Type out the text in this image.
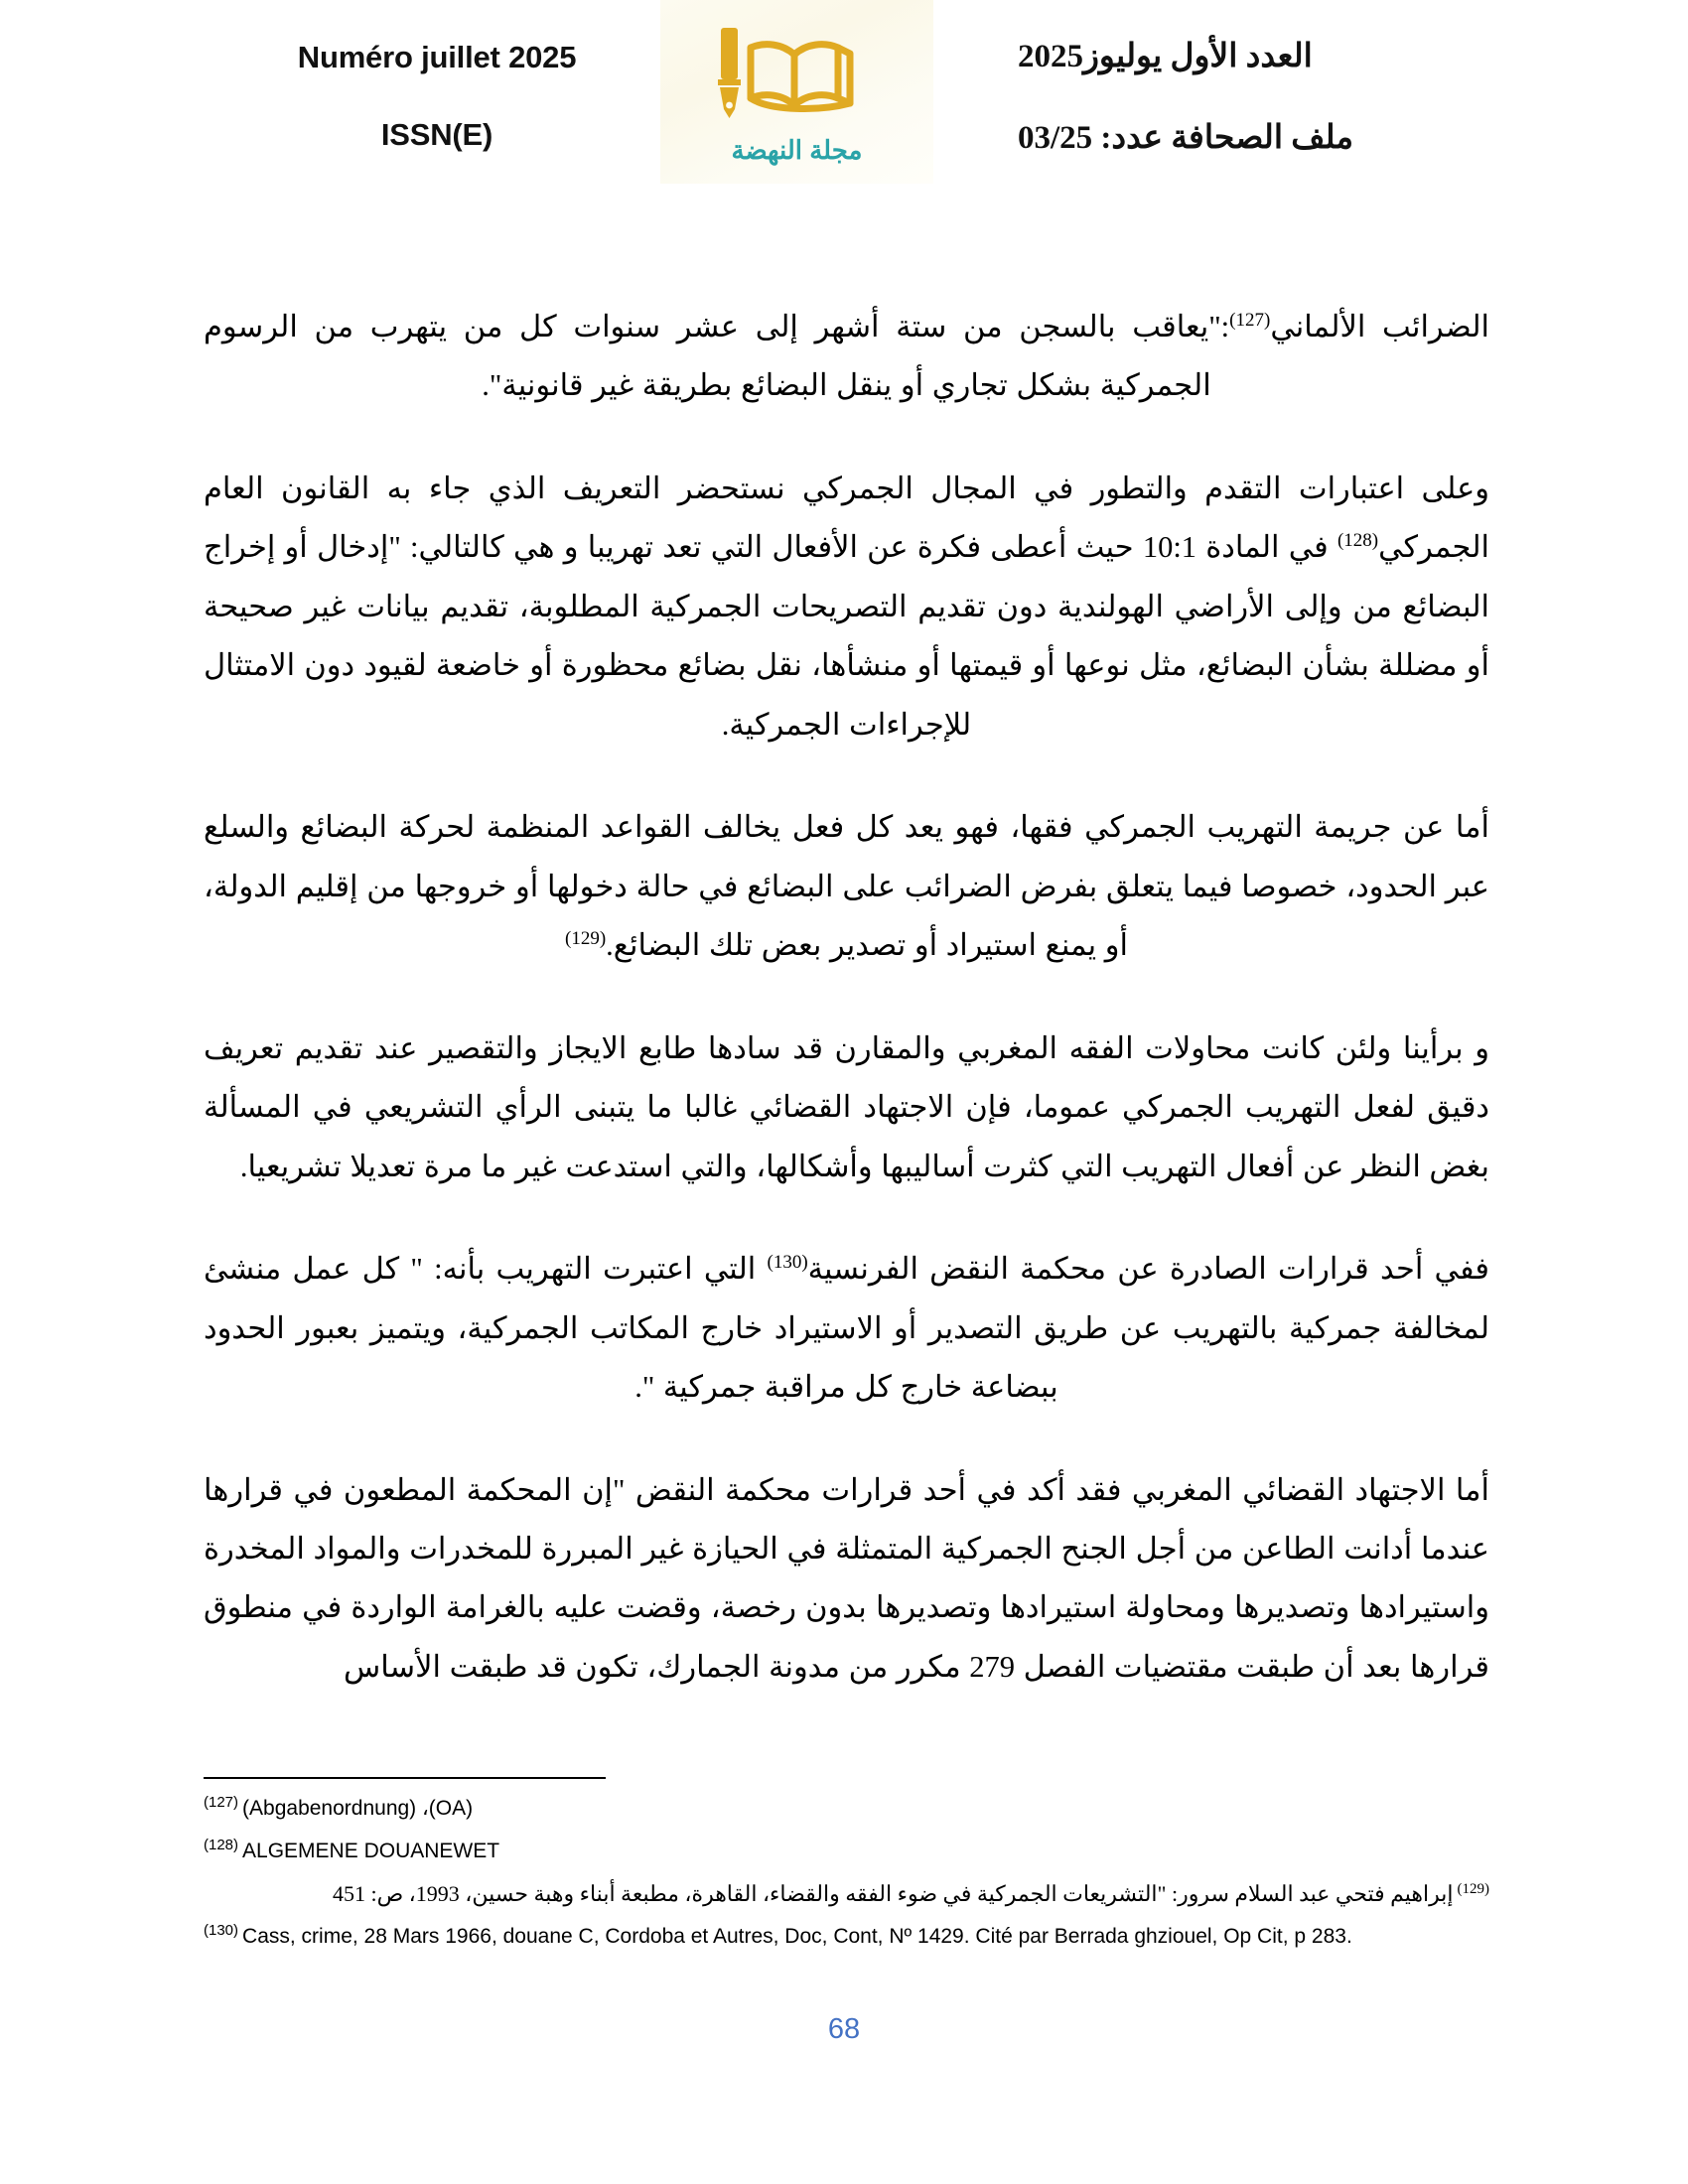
Numéro juillet 2025
ISSN(E)	مجلة النهضة
العدد الأول يوليوز2025
ملف الصحافة عدد: 03/25

الضرائب الألماني$^{(127)}$:"يعاقب بالسجن من ستة أشهر إلى عشر سنوات كل من يتهرب من الرسوم الجمركية بشكل تجاري أو ينقل البضائع بطريقة غير قانونية".

وعلى اعتبارات التقدم والتطور في المجال الجمركي نستحضر التعريف الذي جاء به القانون العام الجمركي$^{(128)}$ في المادة 10:1 حيث أعطى فكرة عن الأفعال التي تعد تهريبا و هي كالتالي: "إدخال أو إخراج البضائع من وإلى الأراضي الهولندية دون تقديم التصريحات الجمركية المطلوبة، تقديم بيانات غير صحيحة أو مضللة بشأن البضائع، مثل نوعها أو قيمتها أو منشأها، نقل بضائع محظورة أو خاضعة لقيود دون الامتثال للإجراءات الجمركية.

أما عن جريمة التهريب الجمركي فقها، فهو يعد كل فعل يخالف القواعد المنظمة لحركة البضائع والسلع عبر الحدود، خصوصا فيما يتعلق بفرض الضرائب على البضائع في حالة دخولها أو خروجها من إقليم الدولة، أو يمنع استيراد أو تصدير بعض تلك البضائع.$^{(129)}$

و برأينا ولئن كانت محاولات الفقه المغربي والمقارن قد سادها طابع الايجاز والتقصير عند تقديم تعريف دقيق لفعل التهريب الجمركي عموما، فإن الاجتهاد القضائي غالبا ما يتبنى الرأي التشريعي في المسألة بغض النظر عن أفعال التهريب التي كثرت أساليبها وأشكالها، والتي استدعت غير ما مرة تعديلا تشريعيا.

ففي أحد قرارات الصادرة عن محكمة النقض الفرنسية$^{(130)}$ التي اعتبرت التهريب بأنه: " كل عمل منشئ لمخالفة جمركية بالتهريب عن طريق التصدير أو الاستيراد خارج المكاتب الجمركية، ويتميز بعبور الحدود ببضاعة خارج كل مراقبة جمركية ".

أما الاجتهاد القضائي المغربي فقد أكد في أحد قرارات محكمة النقض "إن المحكمة المطعون في قرارها عندما أدانت الطاعن من أجل الجنح الجمركية المتمثلة في الحيازة غير المبررة للمخدرات والمواد المخدرة واستيرادها وتصديرها ومحاولة استيرادها وتصديرها بدون رخصة، وقضت عليه بالغرامة الواردة في منطوق قرارها بعد أن طبقت مقتضيات الفصل 279 مكرر من مدونة الجمارك، تكون قد طبقت الأساس

$^{(127)}$ (Abgabenordnung) ،(OA)
$^{(128)}$ ALGEMENE DOUANEWET
$^{(129)}$إبراهيم فتحي عبد السلام سرور: "التشريعات الجمركية في ضوء الفقه والقضاء، القاهرة، مطبعة أبناء وهبة حسين، 1993، ص: 451
$^{(130)}$ Cass, crime, 28 Mars 1966, douane C, Cordoba et Autres, Doc, Cont, Nº 1429. Cité par Berrada ghziouel, Op Cit, p 283.
68
